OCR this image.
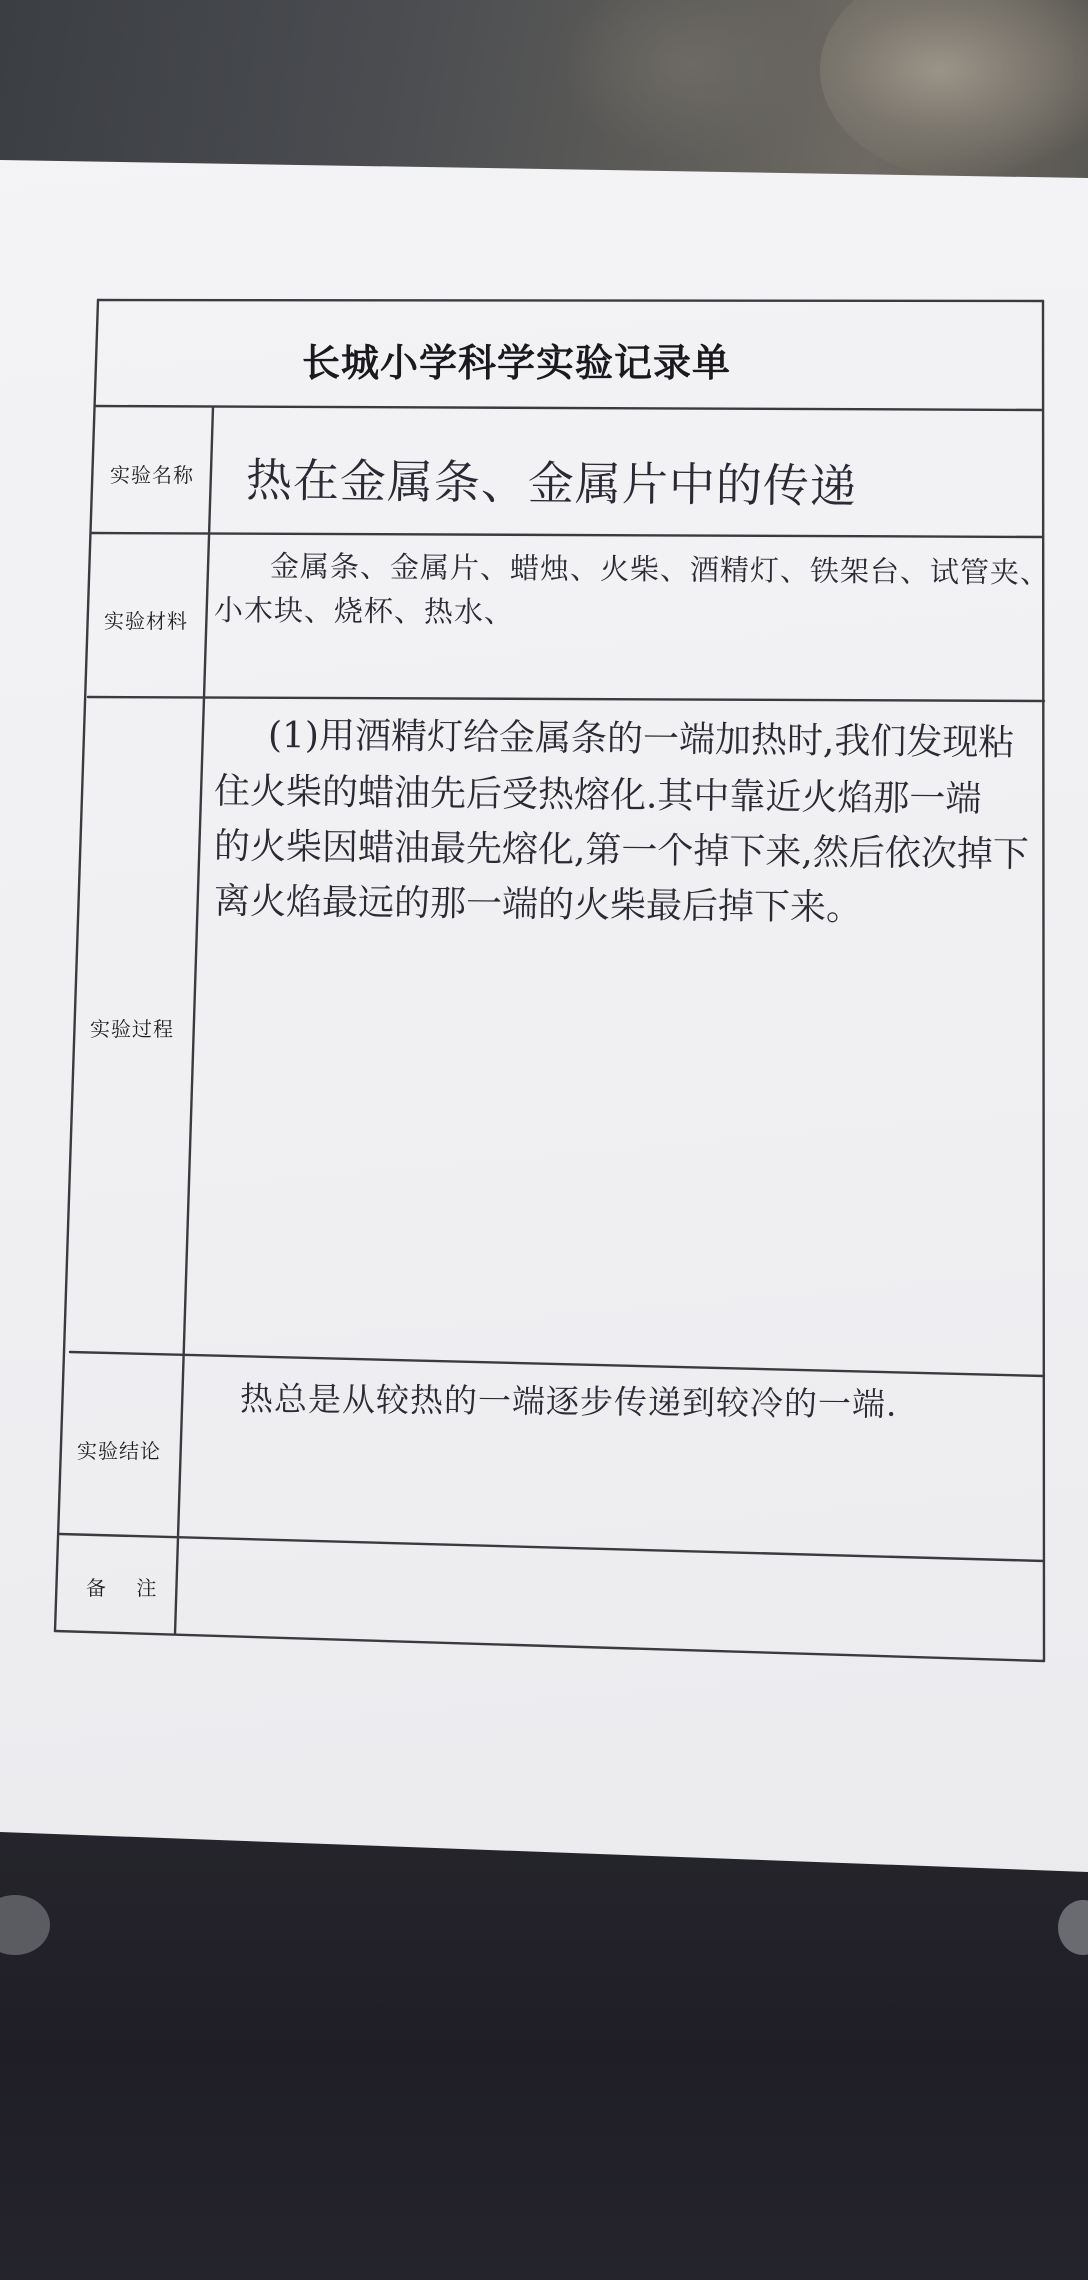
长城小学科学实验记录单
实验名称
实验材料
实验过程
实验结论
备 注
热在金属条、金属片中的传递
金属条、金属片、蜡烛、火柴、酒精灯、铁架台、试管夹、
小木块、烧杯、热水、
(1)用酒精灯给金属条的一端加热时,我们发现粘
住火柴的蜡油先后受热熔化.其中靠近火焰那一端
的火柴因蜡油最先熔化,第一个掉下来,然后依次掉下
离火焰最远的那一端的火柴最后掉下来。
热总是从较热的一端逐步传递到较冷的一端.
